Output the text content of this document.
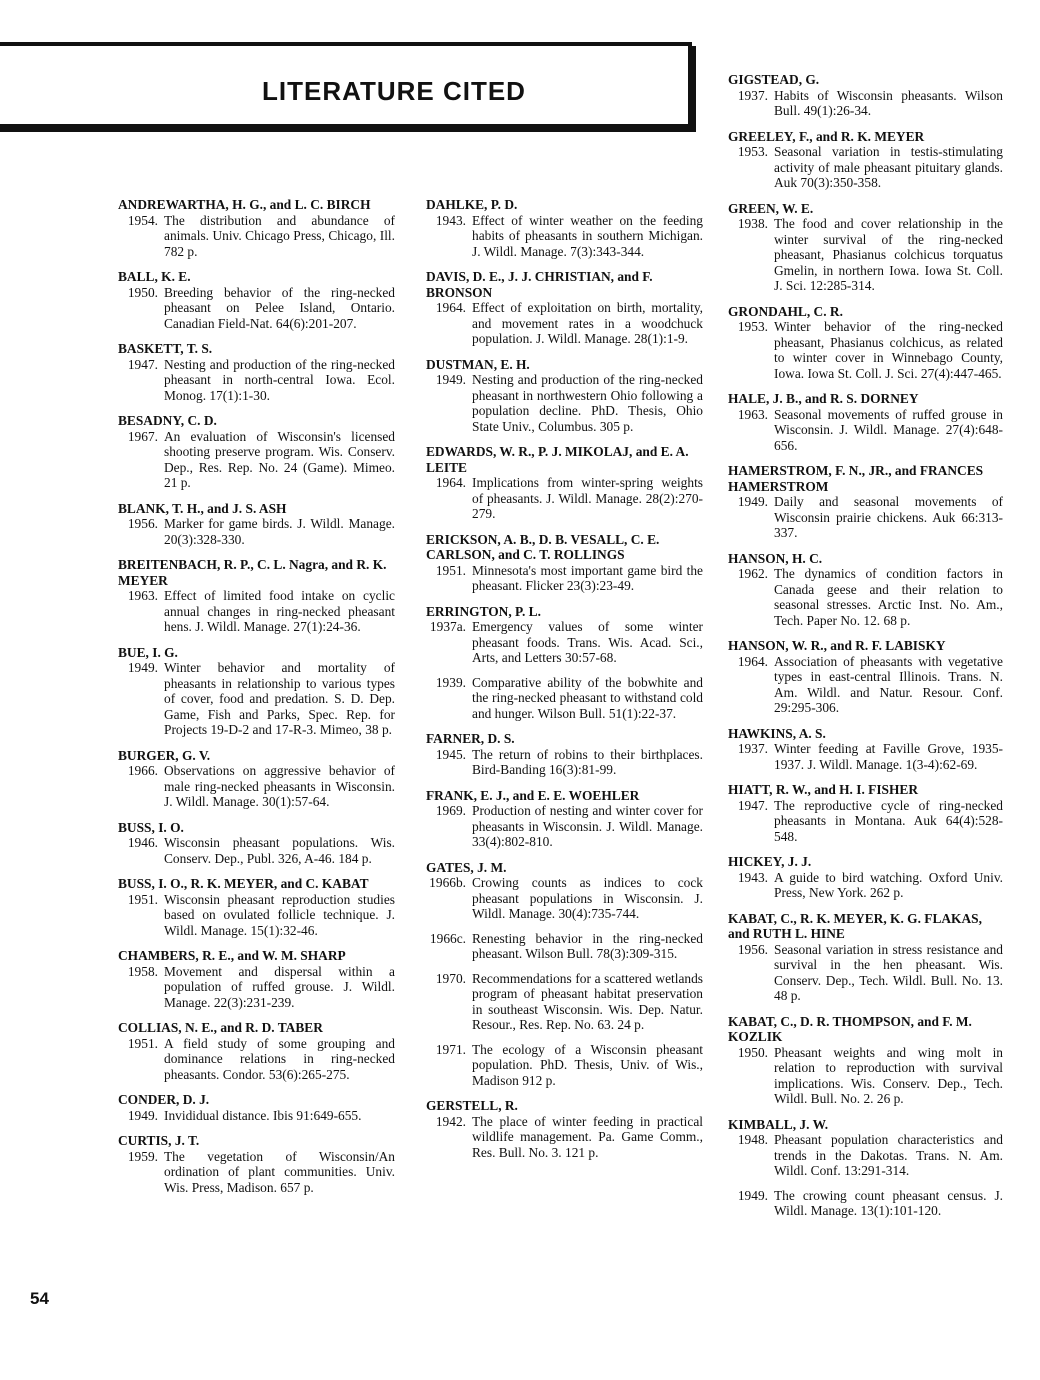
LITERATURE CITED
ANDREWARTHA, H. G., and L. C. BIRCH
1954. The distribution and abundance of animals. Univ. Chicago Press, Chicago, Ill. 782 p.
BALL, K. E.
1950. Breeding behavior of the ring-necked pheasant on Pelee Island, Ontario. Canadian Field-Nat. 64(6):201-207.
BASKETT, T. S.
1947. Nesting and production of the ring-necked pheasant in north-central Iowa. Ecol. Monog. 17(1):1-30.
BESADNY, C. D.
1967. An evaluation of Wisconsin's licensed shooting preserve program. Wis. Conserv. Dep., Res. Rep. No. 24 (Game). Mimeo. 21 p.
BLANK, T. H., and J. S. ASH
1956. Marker for game birds. J. Wildl. Manage. 20(3):328-330.
BREITENBACH, R. P., C. L. Nagra, and R. K. MEYER
1963. Effect of limited food intake on cyclic annual changes in ring-necked pheasant hens. J. Wildl. Manage. 27(1):24-36.
BUE, I. G.
1949. Winter behavior and mortality of pheasants in relationship to various types of cover, food and predation. S. D. Dep. Game, Fish and Parks, Spec. Rep. for Projects 19-D-2 and 17-R-3. Mimeo, 38 p.
BURGER, G. V.
1966. Observations on aggressive behavior of male ring-necked pheasants in Wisconsin. J. Wildl. Manage. 30(1):57-64.
BUSS, I. O.
1946. Wisconsin pheasant populations. Wis. Conserv. Dep., Publ. 326, A-46. 184 p.
BUSS, I. O., R. K. MEYER, and C. KABAT
1951. Wisconsin pheasant reproduction studies based on ovulated follicle technique. J. Wildl. Manage. 15(1):32-46.
CHAMBERS, R. E., and W. M. SHARP
1958. Movement and dispersal within a population of ruffed grouse. J. Wildl. Manage. 22(3):231-239.
COLLIAS, N. E., and R. D. TABER
1951. A field study of some grouping and dominance relations in ring-necked pheasants. Condor. 53(6):265-275.
CONDER, D. J.
1949. Invididual distance. Ibis 91:649-655.
CURTIS, J. T.
1959. The vegetation of Wisconsin/An ordination of plant communities. Univ. Wis. Press, Madison. 657 p.
DAHLKE, P. D.
1943. Effect of winter weather on the feeding habits of pheasants in southern Michigan. J. Wildl. Manage. 7(3):343-344.
DAVIS, D. E., J. J. CHRISTIAN, and F. BRONSON
1964. Effect of exploitation on birth, mortality, and movement rates in a woodchuck population. J. Wildl. Manage. 28(1):1-9.
DUSTMAN, E. H.
1949. Nesting and production of the ring-necked pheasant in northwestern Ohio following a population decline. PhD. Thesis, Ohio State Univ., Columbus. 305 p.
EDWARDS, W. R., P. J. MIKOLAJ, and E. A. LEITE
1964. Implications from winter-spring weights of pheasants. J. Wildl. Manage. 28(2):270-279.
ERICKSON, A. B., D. B. VESALL, C. E. CARLSON, and C. T. ROLLINGS
1951. Minnesota's most important game bird the pheasant. Flicker 23(3):23-49.
ERRINGTON, P. L.
1937a. Emergency values of some winter pheasant foods. Trans. Wis. Acad. Sci., Arts, and Letters 30:57-68.
1939. Comparative ability of the bobwhite and the ring-necked pheasant to withstand cold and hunger. Wilson Bull. 51(1):22-37.
FARNER, D. S.
1945. The return of robins to their birthplaces. Bird-Banding 16(3):81-99.
FRANK, E. J., and E. E. WOEHLER
1969. Production of nesting and winter cover for pheasants in Wisconsin. J. Wildl. Manage. 33(4):802-810.
GATES, J. M.
1966b. Crowing counts as indices to cock pheasant populations in Wisconsin. J. Wildl. Manage. 30(4):735-744.
1966c. Renesting behavior in the ring-necked pheasant. Wilson Bull. 78(3):309-315.
1970. Recommendations for a scattered wetlands program of pheasant habitat preservation in southeast Wisconsin. Wis. Dep. Natur. Resour., Res. Rep. No. 63. 24 p.
1971. The ecology of a Wisconsin pheasant population. PhD. Thesis, Univ. of Wis., Madison 912 p.
GERSTELL, R.
1942. The place of winter feeding in practical wildlife management. Pa. Game Comm., Res. Bull. No. 3. 121 p.
GIGSTEAD, G.
1937. Habits of Wisconsin pheasants. Wilson Bull. 49(1):26-34.
GREELEY, F., and R. K. MEYER
1953. Seasonal variation in testis-stimulating activity of male pheasant pituitary glands. Auk 70(3):350-358.
GREEN, W. E.
1938. The food and cover relationship in the winter survival of the ring-necked pheasant, Phasianus colchicus torquatus Gmelin, in northern Iowa. Iowa St. Coll. J. Sci. 12:285-314.
GRONDAHL, C. R.
1953. Winter behavior of the ring-necked pheasant, Phasianus colchicus, as related to winter cover in Winnebago County, Iowa. Iowa St. Coll. J. Sci. 27(4):447-465.
HALE, J. B., and R. S. DORNEY
1963. Seasonal movements of ruffed grouse in Wisconsin. J. Wildl. Manage. 27(4):648-656.
HAMERSTROM, F. N., JR., and FRANCES HAMERSTROM
1949. Daily and seasonal movements of Wisconsin prairie chickens. Auk 66:313-337.
HANSON, H. C.
1962. The dynamics of condition factors in Canada geese and their relation to seasonal stresses. Arctic Inst. No. Am., Tech. Paper No. 12. 68 p.
HANSON, W. R., and R. F. LABISKY
1964. Association of pheasants with vegetative types in east-central Illinois. Trans. N. Am. Wildl. and Natur. Resour. Conf. 29:295-306.
HAWKINS, A. S.
1937. Winter feeding at Faville Grove, 1935-1937. J. Wildl. Manage. 1(3-4):62-69.
HIATT, R. W., and H. I. FISHER
1947. The reproductive cycle of ring-necked pheasants in Montana. Auk 64(4):528-548.
HICKEY, J. J.
1943. A guide to bird watching. Oxford Univ. Press, New York. 262 p.
KABAT, C., R. K. MEYER, K. G. FLAKAS, and RUTH L. HINE
1956. Seasonal variation in stress resistance and survival in the hen pheasant. Wis. Conserv. Dep., Tech. Wildl. Bull. No. 13. 48 p.
KABAT, C., D. R. THOMPSON, and F. M. KOZLIK
1950. Pheasant weights and wing molt in relation to reproduction with survival implications. Wis. Conserv. Dep., Tech. Wildl. Bull. No. 2. 26 p.
KIMBALL, J. W.
1948. Pheasant population characteristics and trends in the Dakotas. Trans. N. Am. Wildl. Conf. 13:291-314.
1949. The crowing count pheasant census. J. Wildl. Manage. 13(1):101-120.
54
